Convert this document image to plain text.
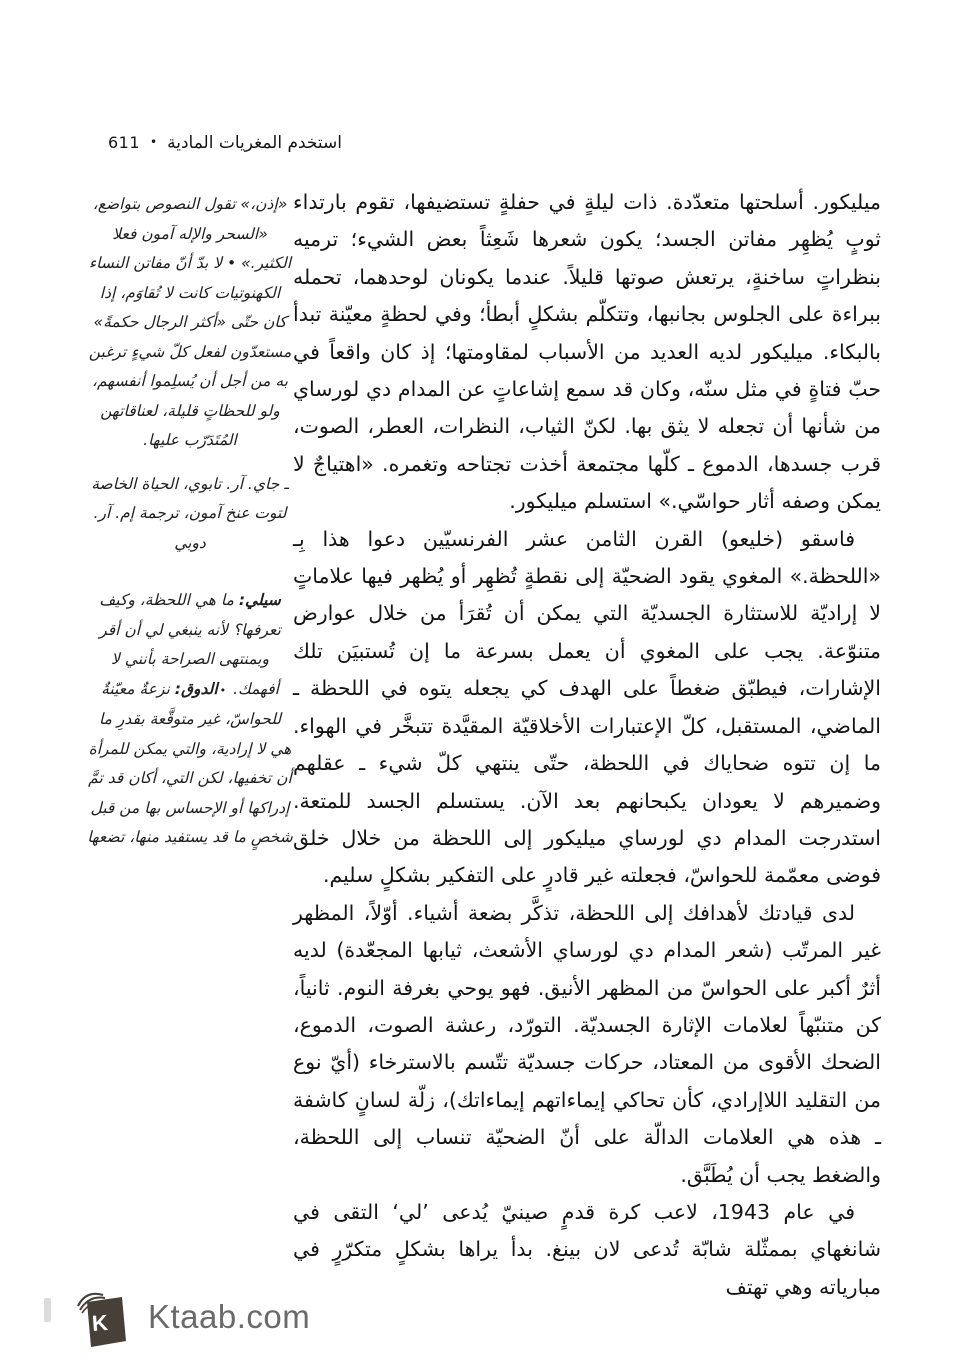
استخدم المغريات المادية
•
611
«إذن،» تقول النصوص بتواضع، «السحر والإله آمون فعلا الكثير.» • لا بدّ أنّ مفاتن النساء الكهنوتيات كانت لا تُقاوَم، إذا كان حتّى «أكثر الرجال حكمةً» مستعدّون لفعل كلّ شيءٍ ترغبن به من أجل أن يُسلِموا أنفسهم، ولو للحظاتٍ قليلة، لعناقاتهن المُتَدَرّب عليها.
ـ جاي. آر. تابوي، الحياة الخاصة لتوت عنخ آمون، ترجمة إم. آر. دوبي
سيلي: ما هي اللحظة، وكيف تعرفها؟ لأنه ينبغي لي أن أقر وبمنتهى الصراحة بأنني لا أفهمك. •الدوق: نزعةٌ معيّنةٌ للحواسّ، غير متوقَّعة بقدرِ ما هي لا إرادية، والتي يمكن للمرأة أن تخفيها، لكن التي، أكان قد تمَّ إدراكها أو الإحساس بها من قبل شخصٍ ما قد يستفيد منها، تضعها

ميليكور. أسلحتها متعدّدة. ذات ليلةٍ في حفلةٍ تستضيفها، تقوم بارتداء ثوبٍ يُظهِر مفاتن الجسد؛ يكون شعرها شَعِثاً بعض الشيء؛ ترميه بنظراتٍ ساخنةٍ، يرتعش صوتها قليلاً. عندما يكونان لوحدهما، تحمله ببراءة على الجلوس بجانبها، وتتكلّم بشكلٍ أبطأ؛ وفي لحظةٍ معيّنة تبدأ بالبكاء. ميليكور لديه العديد من الأسباب لمقاومتها؛ إذ كان واقعاً في حبّ فتاةٍ في مثل سنّه، وكان قد سمع إشاعاتٍ عن المدام دي لورساي من شأنها أن تجعله لا يثق بها. لكنّ الثياب، النظرات، العطر، الصوت، قرب جسدها، الدموع ـ كلّها مجتمعة أخذت تجتاحه وتغمره. «اهتياجٌ لا يمكن وصفه أثار حواسّي.» استسلم ميليكور.

فاسقو (خليعو) القرن الثامن عشر الفرنسيّين دعوا هذا بِـ «اللحظة.» المغوي يقود الضحيّة إلى نقطةٍ تُظهِر أو يُظهر فيها علاماتٍ لا إراديّة للاستثارة الجسديّة التي يمكن أن تُقرَأ من خلال عوارض متنوّعة. يجب على المغوي أن يعمل بسرعة ما إن تُستبيَن تلك الإشارات، فيطبّق ضغطاً على الهدف كي يجعله يتوه في اللحظة ـ الماضي، المستقبل، كلّ الإعتبارات الأخلاقيّة المقيَّدة تتبخَّر في الهواء. ما إن تتوه ضحاياك في اللحظة، حتّى ينتهي كلّ شيء ـ عقلهم وضميرهم لا يعودان يكبحانهم بعد الآن. يستسلم الجسد للمتعة. استدرجت المدام دي لورساي ميليكور إلى اللحظة من خلال خلق فوضى معمّمة للحواسّ، فجعلته غير قادرٍ على التفكير بشكلٍ سليم.

لدى قيادتك لأهدافك إلى اللحظة، تذكَّر بضعة أشياء. أوّلاً، المظهر غير المرتّب (شعر المدام دي لورساي الأشعث، ثيابها المجعّدة) لديه أثرٌ أكبر على الحواسّ من المظهر الأنيق. فهو يوحي بغرفة النوم. ثانياً، كن متنبّهاً لعلامات الإثارة الجسديّة. التورّد، رعشة الصوت، الدموع، الضحك الأقوى من المعتاد، حركات جسديّة تتّسم بالاسترخاء (أيّ نوع من التقليد اللاإرادي، كأن تحاكي إيماءاتهم إيماءاتك)، زلّة لسانٍ كاشفة ـ هذه هي العلامات الدالّة على أنّ الضحيّة تنساب إلى اللحظة، والضغط يجب أن يُطَبَّق.

في عام 1943، لاعب كرة قدمٍ صينيّ يُدعى ’لي‘ التقى في شانغهاي بممثّلة شابّة تُدعى لان بينغ. بدأ يراها بشكلٍ متكرّرٍ في مبارياته وهي تهتف

K Ktaab.com
